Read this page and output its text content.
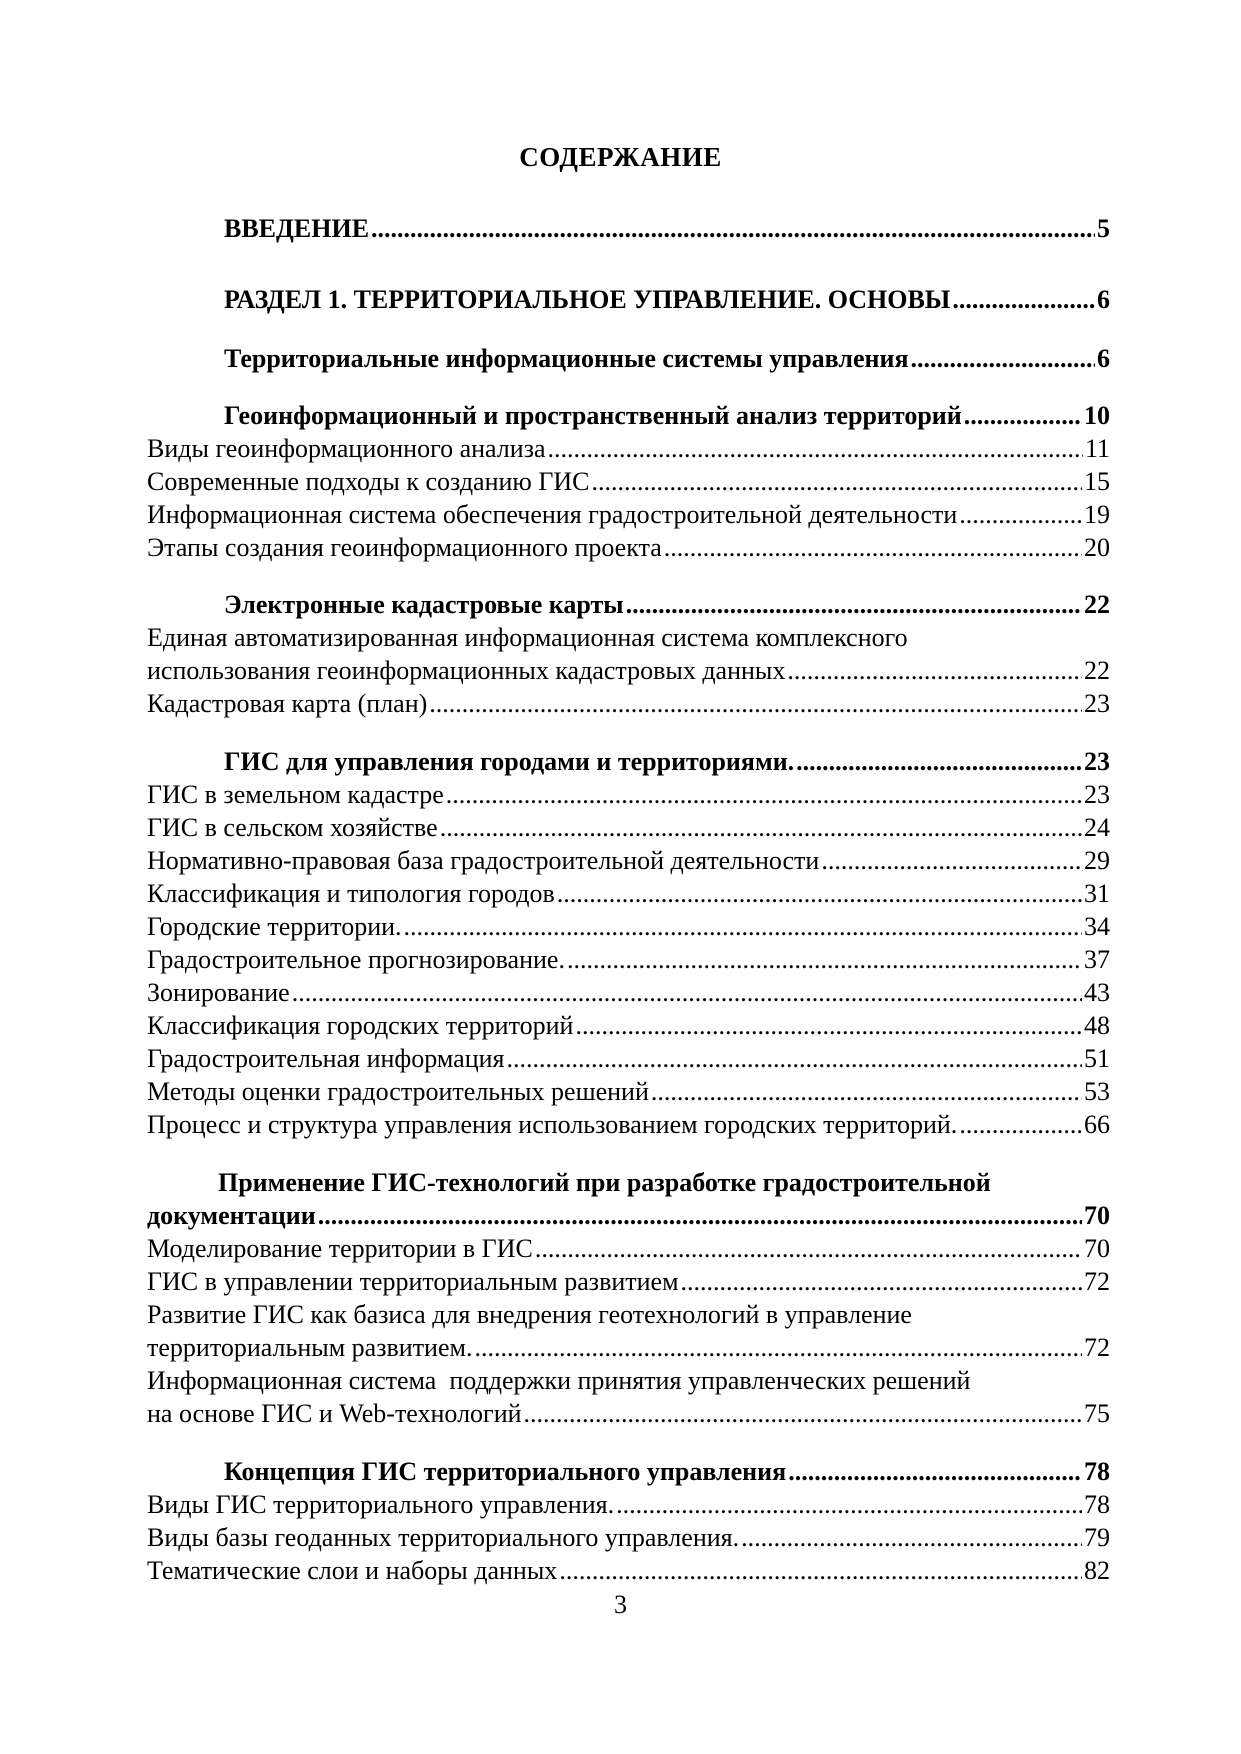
СОДЕРЖАНИЕ
ВВЕДЕНИЕ .....	5
РАЗДЕЛ 1. ТЕРРИТОРИАЛЬНОЕ УПРАВЛЕНИЕ. ОСНОВЫ .....	6
Территориальные информационные системы управления .....	6
Геоинформационный и пространственный анализ территорий .....	10
Виды геоинформационного анализа .....	11
Современные подходы к созданию ГИС .....	15
Информационная система обеспечения градостроительной деятельности .....	19
Этапы создания геоинформационного проекта .....	20
Электронные кадастровые карты .....	22
Единая автоматизированная информационная система комплексного
использования геоинформационных кадастровых данных .....	22
Кадастровая карта (план) .....	23
ГИС для управления городами и территориями. .....	23
ГИС в земельном кадастре .....	23
ГИС в сельском хозяйстве .....	24
Нормативно-правовая база градостроительной деятельности .....	29
Классификация и типология городов .....	31
Городские территории. .....	34
Градостроительное прогнозирование. .....	37
Зонирование .....	43
Классификация городских территорий .....	48
Градостроительная информация .....	51
Методы оценки градостроительных решений .....	53
Процесс и структура управления использованием городских территорий. .....	66
Применение ГИС-технологий при разработке градостроительной
документации .....	70
Моделирование территории в ГИС .....	70
ГИС в управлении территориальным развитием .....	72
Развитие ГИС как базиса для внедрения геотехнологий в управление
территориальным развитием. .....	72
Информационная система  поддержки принятия управленческих решений
на основе ГИС и Web-технологий .....	75
Концепция ГИС территориального управления .....	78
Виды ГИС территориального управления. .....	78
Виды базы геоданных территориального управления. .....	79
Тематические слои и наборы данных .....	82
3
